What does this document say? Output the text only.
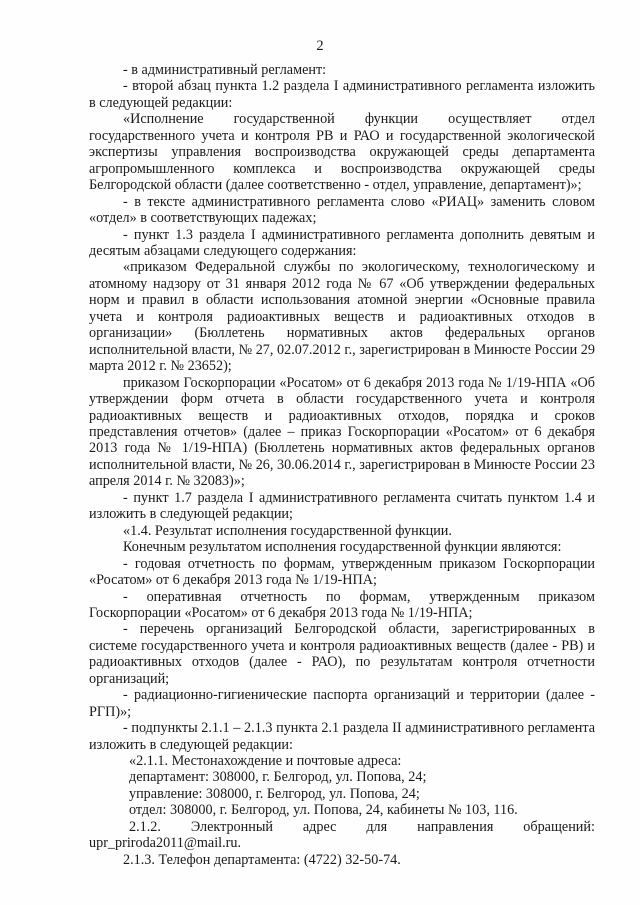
2

- в административный регламент:

- второй абзац пункта 1.2 раздела I административного регламента изложить в следующей редакции:

«Исполнение государственной функции осуществляет отдел государственного учета и контроля РВ и РАО и государственной экологической экспертизы управления воспроизводства окружающей среды департамента агропромышленного комплекса и воспроизводства окружающей среды Белгородской области (далее соответственно - отдел, управление, департамент)»;

- в тексте административного регламента слово «РИАЦ» заменить словом «отдел» в соответствующих падежах;

- пункт 1.3 раздела I административного регламента дополнить девятым и десятым абзацами следующего содержания:

«приказом Федеральной службы по экологическому, технологическому и атомному надзору от 31 января 2012 года № 67 «Об утверждении федеральных норм и правил в области использования атомной энергии «Основные правила учета и контроля радиоактивных веществ и радиоактивных отходов в организации» (Бюллетень нормативных актов федеральных органов исполнительной власти, № 27, 02.07.2012 г., зарегистрирован в Минюсте России 29 марта 2012 г. № 23652);

приказом Госкорпорации «Росатом» от 6 декабря 2013 года № 1/19-НПА «Об утверждении форм отчета в области государственного учета и контроля радиоактивных веществ и радиоактивных отходов, порядка и сроков представления отчетов» (далее – приказ Госкорпорации «Росатом» от 6 декабря 2013 года № 1/19-НПА) (Бюллетень нормативных актов федеральных органов исполнительной власти, № 26, 30.06.2014 г., зарегистрирован в Минюсте России 23 апреля 2014 г. № 32083)»;

- пункт 1.7 раздела I административного регламента считать пунктом 1.4 и изложить в следующей редакции;

«1.4. Результат исполнения государственной функции.

Конечным результатом исполнения государственной функции являются:

- годовая отчетность по формам, утвержденным приказом Госкорпорации «Росатом» от 6 декабря 2013 года № 1/19-НПА;

- оперативная отчетность по формам, утвержденным приказом Госкорпорации «Росатом» от 6 декабря 2013 года № 1/19-НПА;

- перечень организаций Белгородской области, зарегистрированных в системе государственного учета и контроля радиоактивных веществ (далее - РВ) и радиоактивных отходов (далее - РАО), по результатам контроля отчетности организаций;

- радиационно-гигиенические паспорта организаций и территории (далее - РГП)»;

- подпункты 2.1.1 – 2.1.3 пункта 2.1 раздела II административного регламента изложить в следующей редакции:

«2.1.1. Местонахождение и почтовые адреса:

департамент: 308000, г. Белгород, ул. Попова, 24;

управление: 308000, г. Белгород, ул. Попова, 24;

отдел: 308000, г. Белгород, ул. Попова, 24, кабинеты № 103, 116.

2.1.2. Электронный адрес для направления обращений:

upr_priroda2011@mail.ru.

2.1.3. Телефон департамента: (4722) 32-50-74.
